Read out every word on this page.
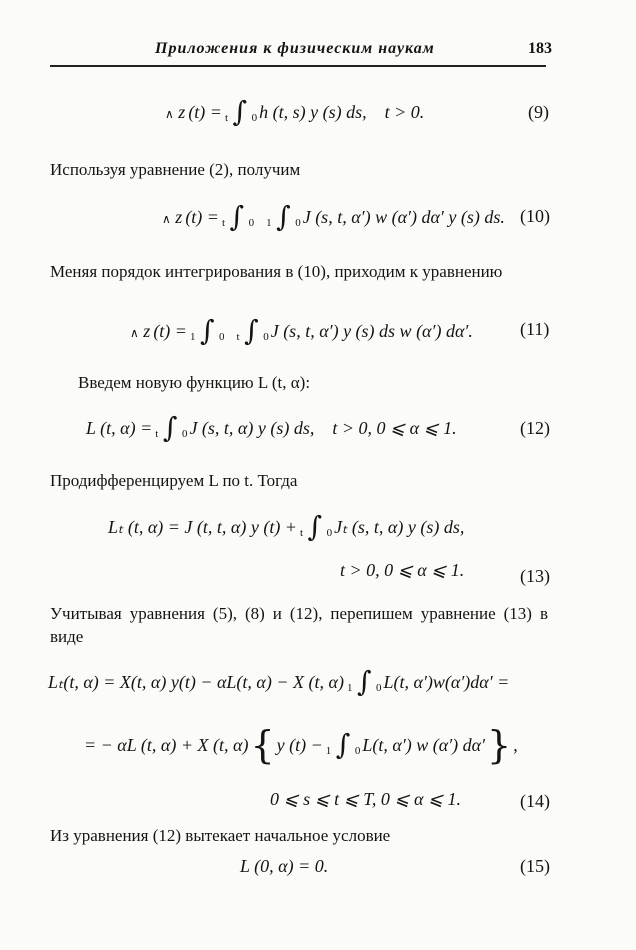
Приложения к физическим наукам	183
∧ z (t) = t ∫ 0 h (t, s) y (s) ds, t > 0.	(9)
Используя уравнение (2), получим
∧ z (t) = t ∫ 0 1 ∫ 0 J (s, t, α′) w (α′) dα′ y (s) ds. (10)
Меняя порядок интегрирования в (10), приходим к уравнению
∧ z (t) = 1 ∫ 0 t ∫ 0 J (s, t, α′) y (s) ds w (α′) dα′.	(11)
Введем новую функцию L (t, α):
L (t, α) = t ∫ 0 J (s, t, α) y (s) ds, t > 0, 0 ⩽ α ⩽ 1.	(12)
Продифференцируем L по t. Тогда
Lₜ (t, α) = J (t, t, α) y (t) + t ∫ 0 Jₜ (s, t, α) y (s) ds,
t > 0, 0 ⩽ α ⩽ 1.	(13)
Учитывая уравнения (5), (8) и (12), перепишем уравнение (13) в виде
Lₜ(t, α) = X(t, α) y(t) − αL(t, α) − X (t, α) 1 ∫ 0 L(t, α′)w(α′)dα′ =
= − αL (t, α) + X (t, α) { y (t) − 1 ∫ 0 L(t, α′) w (α′) dα′ } ,
0 ⩽ s ⩽ t ⩽ T, 0 ⩽ α ⩽ 1.	(14)
Из уравнения (12) вытекает начальное условие
L (0, α) = 0.	(15)
